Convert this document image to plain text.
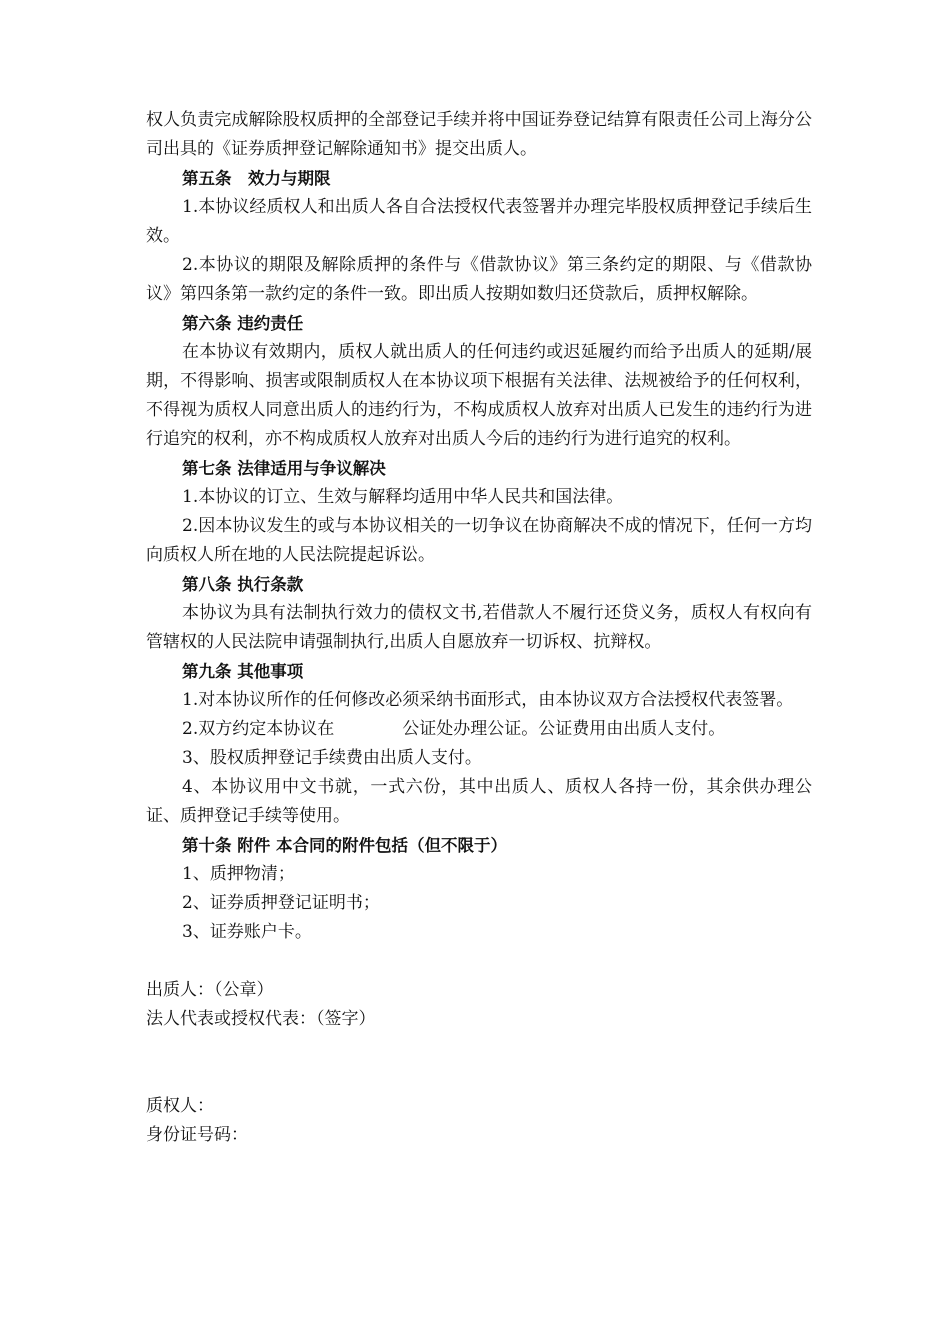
权人负责完成解除股权质押的全部登记手续并将中国证券登记结算有限责任公司上海分公司出具的《证券质押登记解除通知书》提交出质人。

第五条　效力与期限

1.本协议经质权人和出质人各自合法授权代表签署并办理完毕股权质押登记手续后生效。

2.本协议的期限及解除质押的条件与《借款协议》第三条约定的期限、与《借款协议》第四条第一款约定的条件一致。即出质人按期如数归还贷款后，质押权解除。

第六条 违约责任

在本协议有效期内，质权人就出质人的任何违约或迟延履约而给予出质人的延期/展期，不得影响、损害或限制质权人在本协议项下根据有关法律、法规被给予的任何权利，不得视为质权人同意出质人的违约行为，不构成质权人放弃对出质人已发生的违约行为进行追究的权利，亦不构成质权人放弃对出质人今后的违约行为进行追究的权利。

第七条 法律适用与争议解决

1.本协议的订立、生效与解释均适用中华人民共和国法律。

2.因本协议发生的或与本协议相关的一切争议在协商解决不成的情况下，任何一方均向质权人所在地的人民法院提起诉讼。

第八条 执行条款

本协议为具有法制执行效力的债权文书,若借款人不履行还贷义务，质权人有权向有管辖权的人民法院申请强制执行,出质人自愿放弃一切诉权、抗辩权。

第九条 其他事项

1.对本协议所作的任何修改必须采纳书面形式，由本协议双方合法授权代表签署。

2.双方约定本协议在	公证处办理公证。公证费用由出质人支付。

3、股权质押登记手续费由出质人支付。

4、本协议用中文书就，一式六份，其中出质人、质权人各持一份，其余供办理公证、质押登记手续等使用。

第十条 附件 本合同的附件包括（但不限于）

1、质押物清；

2、证券质押登记证明书；

3、证券账户卡。

出质人：（公章）

法人代表或授权代表：（签字）

质权人：

身份证号码：
